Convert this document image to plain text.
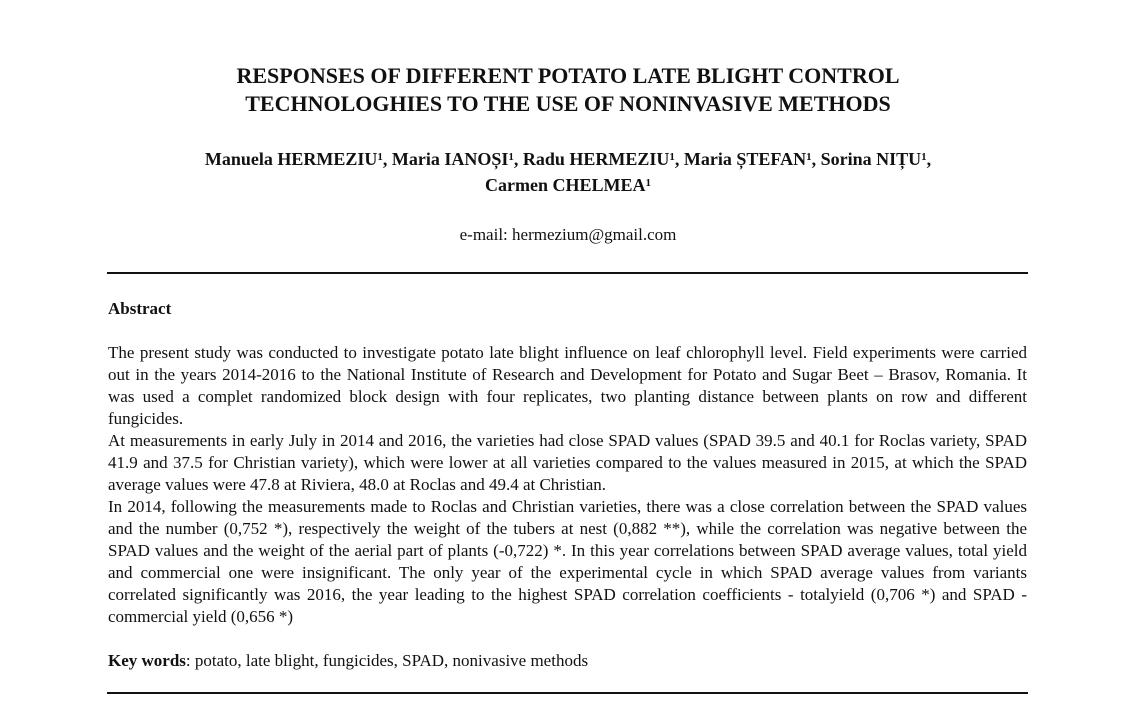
RESPONSES OF DIFFERENT POTATO LATE BLIGHT CONTROL
TECHNOLOGHIES TO THE USE OF NONINVASIVE METHODS
Manuela HERMEZIU$^1$, Maria IANOȘI$^1$, Radu HERMEZIU$^1$, Maria ȘTEFAN$^1$, Sorina NIȚU$^1$,
Carmen CHELMEA$^1$
e-mail: hermezium@gmail.com
Abstract

The present study was conducted to investigate potato late blight influence on leaf chlorophyll level. Field experiments were carried out in the years 2014-2016 to the National Institute of Research and Development for Potato and Sugar Beet – Brasov, Romania. It was used a complet randomized block design with four replicates, two planting distance between plants on row and different fungicides.

At measurements in early July in 2014 and 2016, the varieties had close SPAD values (SPAD 39.5 and 40.1 for Roclas variety, SPAD 41.9 and 37.5 for Christian variety), which were lower at all varieties compared to the values measured in 2015, at which the SPAD average values were 47.8 at Riviera, 48.0 at Roclas and 49.4 at Christian.

In 2014, following the measurements made to Roclas and Christian varieties, there was a close correlation between the SPAD values and the number (0,752 *), respectively the weight of the tubers at nest (0,882 **), while the correlation was negative between the SPAD values and the weight of the aerial part of plants (-0,722) *. In this year correlations between SPAD average values, total yield and commercial one were insignificant. The only year of the experimental cycle in which SPAD average values from variants correlated significantly was 2016, the year leading to the highest SPAD correlation coefficients - totalyield (0,706 *) and SPAD - commercial yield (0,656 *)

Key words: potato, late blight, fungicides, SPAD, nonivasive methods
